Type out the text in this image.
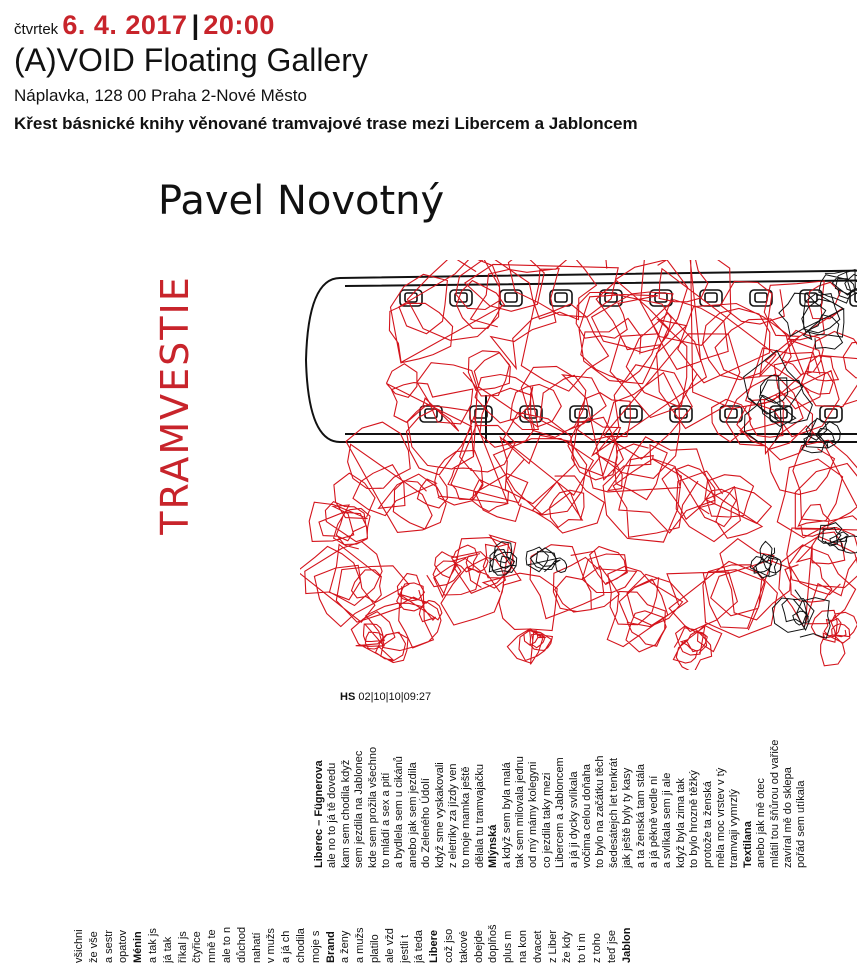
čtvrtek 6. 4. 2017 | 20:00
(A)VOID Floating Gallery
Náplavka, 128 00 Praha 2-Nové Město
Křest básnické knihy věnované tramvajové trase mezi Libercem a Jabloncem
Pavel Novotný
TRAMVESTIE
HS 02|10|10|09:27
Liberec – Fügnerova ale no to já tě dovedu kam sem chodila když sem jezdila na Jablonec kde sem prožila všechno to mládí a sex a pití a bydlela sem u cikánů anebo jak sem jezdila do Zeleného Údolí když sme vyskakovali z eletriky za jízdy ven to moje mamka ještě dělala tu tramvajačku Mlýnská a když sem byla malá tak sem milovala jednu od mý mámy kolegyni co jezdila taky mezi Libercem a Jabloncem a já ji dycky svlíkala vočima celou doňaha to bylo na začátku těch šedesátejch let tenkrát jak ještě byly ty kasy a ta ženská tam stála a já pěkně vedle ní a svlíkala sem ji ale když byla zima tak to bylo hrozně těžký protože ta ženská měla moc vrstev v tý tramvaji vymrzlý Textilana anebo jak mě otec mlátil tou šňůrou od vařiče zavíral mě do sklepa pořád sem utíkala
všichni že vše a sestr opatov Ménin a tak js já tak říkal js čtyřice mně te ale to n důchod nahatí v mužs a já ch chodila moje s Brand a ženy a mužs platilo ale vžd jestli t já teda Libere což jso takové obejde doplňoš plus m na kon dvacet z Liber že kdy to ti m z toho teď jse Jablon
